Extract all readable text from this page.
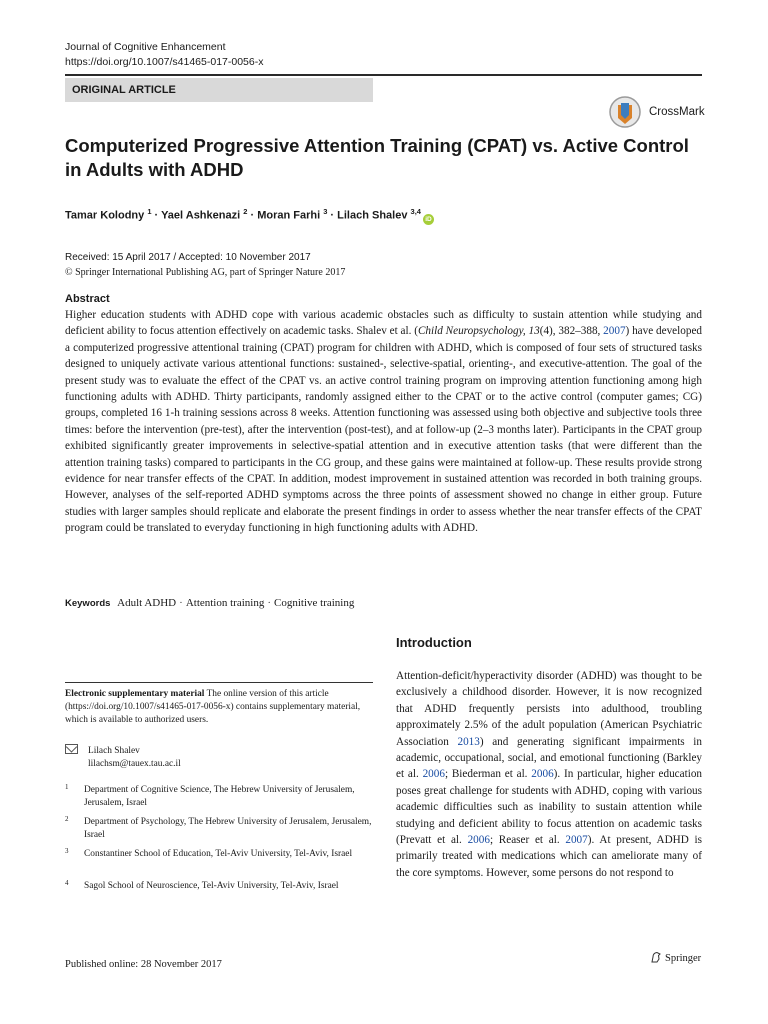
Journal of Cognitive Enhancement
https://doi.org/10.1007/s41465-017-0056-x
ORIGINAL ARTICLE
CrossMark
Computerized Progressive Attention Training (CPAT) vs. Active Control in Adults with ADHD
Tamar Kolodny $^1$ · Yael Ashkenazi $^2$ · Moran Farhi $^3$ · Lilach Shalev $^{3,4}$iD
Received: 15 April 2017 / Accepted: 10 November 2017
© Springer International Publishing AG, part of Springer Nature 2017
Abstract
Higher education students with ADHD cope with various academic obstacles such as difficulty to sustain attention while studying and deficient ability to focus attention effectively on academic tasks. Shalev et al. (Child Neuropsychology, 13(4), 382–388, 2007) have developed a computerized progressive attentional training (CPAT) program for children with ADHD, which is composed of four sets of structured tasks designed to uniquely activate various attentional functions: sustained-, selective-spatial, orienting-, and executive-attention. The goal of the present study was to evaluate the effect of the CPAT vs. an active control training program on improving attention functioning among high functioning adults with ADHD. Thirty participants, randomly assigned either to the CPAT or to the active control (computer games; CG) groups, completed 16 1-h training sessions across 8 weeks. Attention functioning was assessed using both objective and subjective tools three times: before the intervention (pre-test), after the intervention (post-test), and at follow-up (2–3 months later). Participants in the CPAT group exhibited significantly greater improvements in selective-spatial attention and in executive attention tasks (that were different than the attention training tasks) compared to participants in the CG group, and these gains were maintained at follow-up. These results provide strong evidence for near transfer effects of the CPAT. In addition, modest improvement in sustained attention was recorded in both training groups. However, analyses of the self-reported ADHD symptoms across the three points of assessment showed no change in either group. Future studies with larger samples should replicate and elaborate the present findings in order to assess whether the near transfer effects of the CPAT program could be translated to everyday functioning in high functioning adults with ADHD.
Keywords Adult ADHD · Attention training · Cognitive training
Introduction
Attention-deficit/hyperactivity disorder (ADHD) was thought to be exclusively a childhood disorder. However, it is now recognized that ADHD frequently persists into adulthood, troubling approximately 2.5% of the adult population (American Psychiatric Association 2013) and generating significant impairments in academic, occupational, social, and emotional functioning (Barkley et al. 2006; Biederman et al. 2006). In particular, higher education poses great challenge for students with ADHD, coping with various academic difficulties such as inability to sustain attention while studying and deficient ability to focus attention on academic tasks (Prevatt et al. 2006; Reaser et al. 2007). At present, ADHD is primarily treated with medications which can ameliorate many of the core symptoms. However, some persons do not respond to
Electronic supplementary material The online version of this article (https://doi.org/10.1007/s41465-017-0056-x) contains supplementary material, which is available to authorized users.
Lilach Shalev
lilachsm@tauex.tau.ac.il
1 Department of Cognitive Science, The Hebrew University of Jerusalem, Jerusalem, Israel
2 Department of Psychology, The Hebrew University of Jerusalem, Jerusalem, Israel
3 Constantiner School of Education, Tel-Aviv University, Tel-Aviv, Israel
4 Sagol School of Neuroscience, Tel-Aviv University, Tel-Aviv, Israel
Published online: 28 November 2017
Springer
